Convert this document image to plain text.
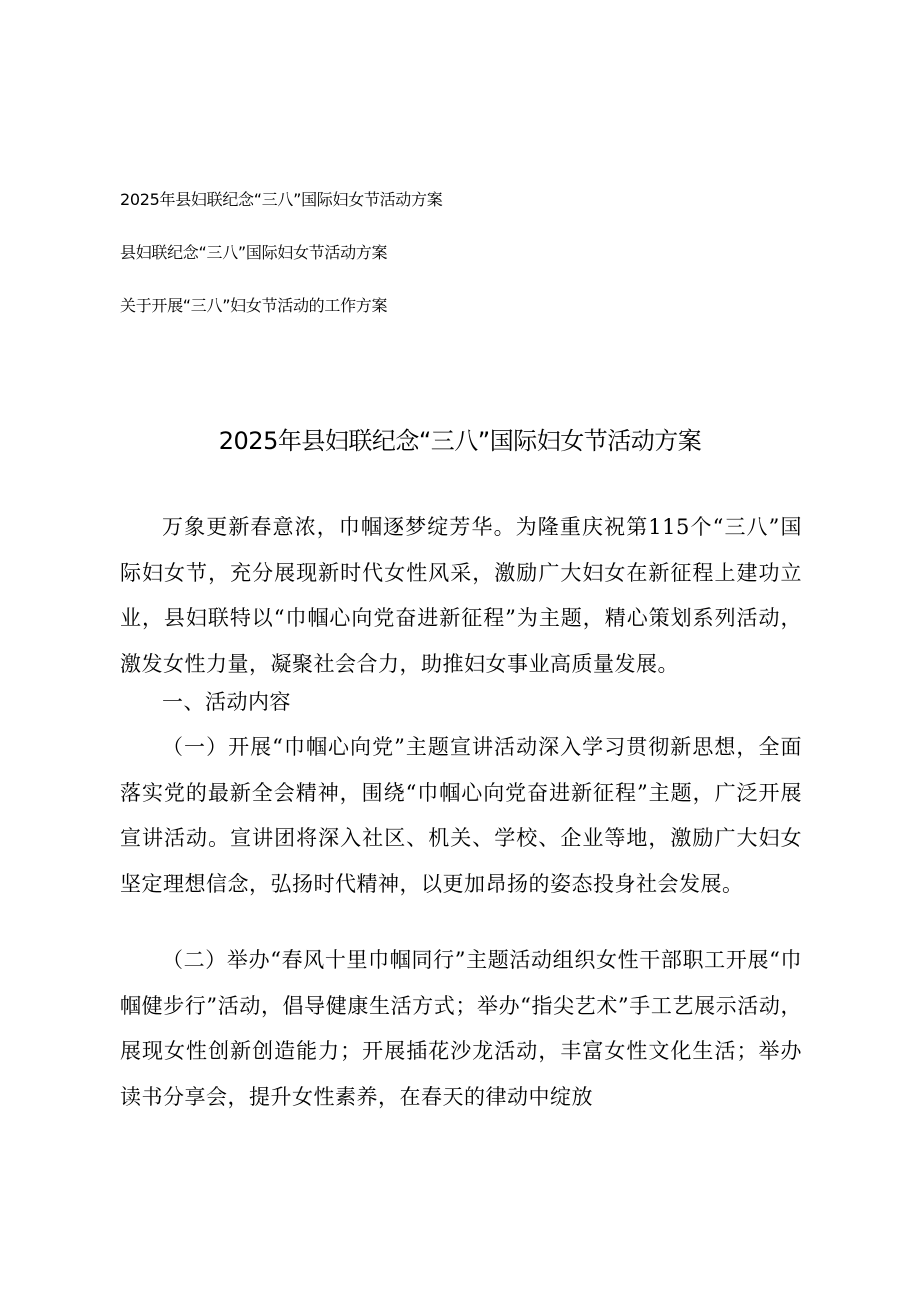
2025年县妇联纪念“三八”国际妇女节活动方案
县妇联纪念“三八”国际妇女节活动方案
关于开展“三八”妇女节活动的工作方案
2025年县妇联纪念“三八”国际妇女节活动方案

万象更新春意浓，巾帼逐梦绽芳华。为隆重庆祝第115个“三八”国际妇女节，充分展现新时代女性风采，激励广大妇女在新征程上建功立业，县妇联特以“巾帼心向党奋进新征程”为主题，精心策划系列活动，激发女性力量，凝聚社会合力，助推妇女事业高质量发展。

一、活动内容

（一）开展“巾帼心向党”主题宣讲活动深入学习贯彻新思想，全面落实党的最新全会精神，围绕“巾帼心向党奋进新征程”主题，广泛开展宣讲活动。宣讲团将深入社区、机关、学校、企业等地，激励广大妇女坚定理想信念，弘扬时代精神，以更加昂扬的姿态投身社会发展。

（二）举办“春风十里巾帼同行”主题活动组织女性干部职工开展“巾帼健步行”活动，倡导健康生活方式；举办“指尖艺术”手工艺展示活动，展现女性创新创造能力；开展插花沙龙活动，丰富女性文化生活；举办读书分享会，提升女性素养，在春天的律动中绽放
